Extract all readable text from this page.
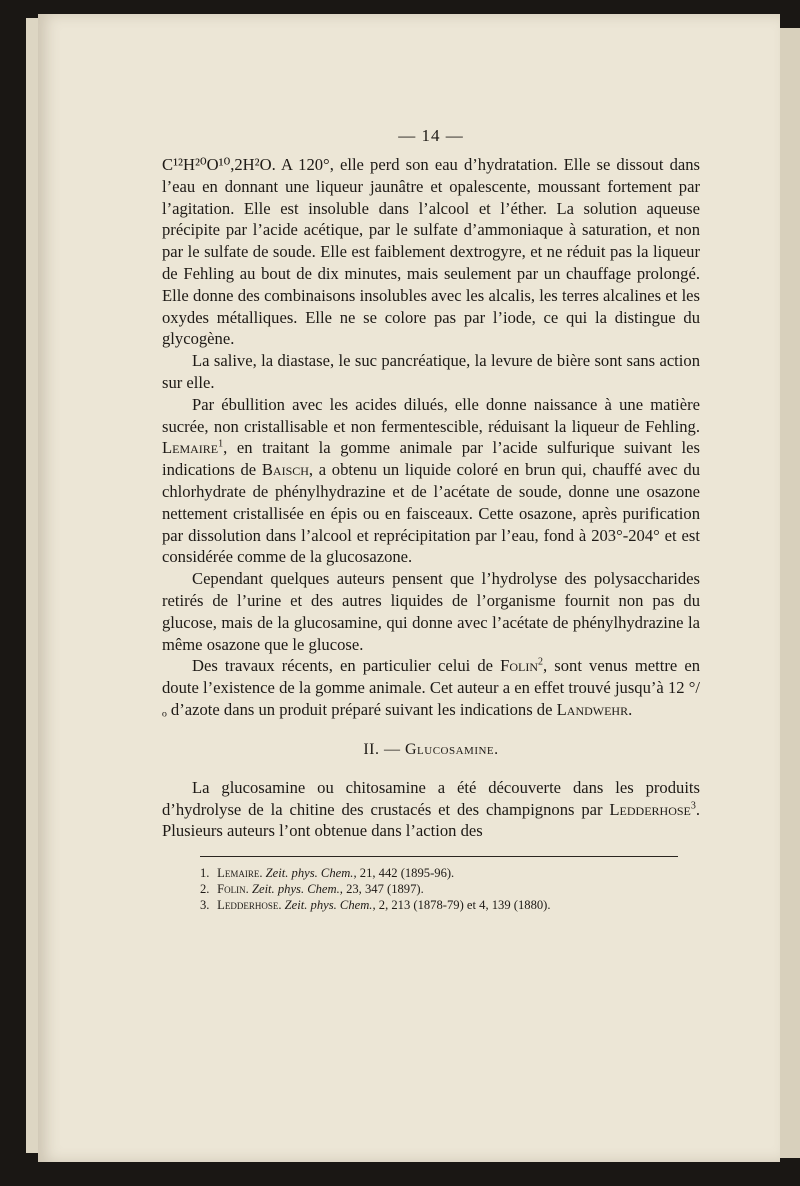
— 14 —

C¹²H²⁰O¹⁰,2H²O. A 120°, elle perd son eau d’hydratation. Elle se dissout dans l’eau en donnant une liqueur jaunâtre et opalescente, moussant fortement par l’agitation. Elle est insoluble dans l’alcool et l’éther. La solution aqueuse précipite par l’acide acétique, par le sulfate d’ammoniaque à saturation, et non par le sulfate de soude. Elle est faiblement dextrogyre, et ne réduit pas la liqueur de Fehling au bout de dix minutes, mais seulement par un chauffage prolongé. Elle donne des combinaisons insolubles avec les alcalis, les terres alcalines et les oxydes métalliques. Elle ne se colore pas par l’iode, ce qui la distingue du glycogène.

La salive, la diastase, le suc pancréatique, la levure de bière sont sans action sur elle.

Par ébullition avec les acides dilués, elle donne naissance à une matière sucrée, non cristallisable et non fermentescible, réduisant la liqueur de Fehling. Lemaire$^1$, en traitant la gomme animale par l’acide sulfurique suivant les indications de Baisch, a obtenu un liquide coloré en brun qui, chauffé avec du chlorhydrate de phénylhydrazine et de l’acétate de soude, donne une osazone nettement cristallisée en épis ou en faisceaux. Cette osazone, après purification par dissolution dans l’alcool et reprécipitation par l’eau, fond à 203°-204° et est considérée comme de la glucosazone.

Cependant quelques auteurs pensent que l’hydrolyse des polysaccharides retirés de l’urine et des autres liquides de l’organisme fournit non pas du glucose, mais de la glucosamine, qui donne avec l’acétate de phénylhydrazine la même osazone que le glucose.

Des travaux récents, en particulier celui de Folin$^2$, sont venus mettre en doute l’existence de la gomme animale. Cet auteur a en effet trouvé jusqu’à 12 °/ₒ d’azote dans un produit préparé suivant les indications de Landwehr.

II. — Glucosamine.

La glucosamine ou chitosamine a été découverte dans les produits d’hydrolyse de la chitine des crustacés et des champignons par Ledderhose$^3$. Plusieurs auteurs l’ont obtenue dans l’action des

1. Lemaire. Zeit. phys. Chem., 21, 442 (1895-96).
2. Folin. Zeit. phys. Chem., 23, 347 (1897).
3. Ledderhose. Zeit. phys. Chem., 2, 213 (1878-79) et 4, 139 (1880).
